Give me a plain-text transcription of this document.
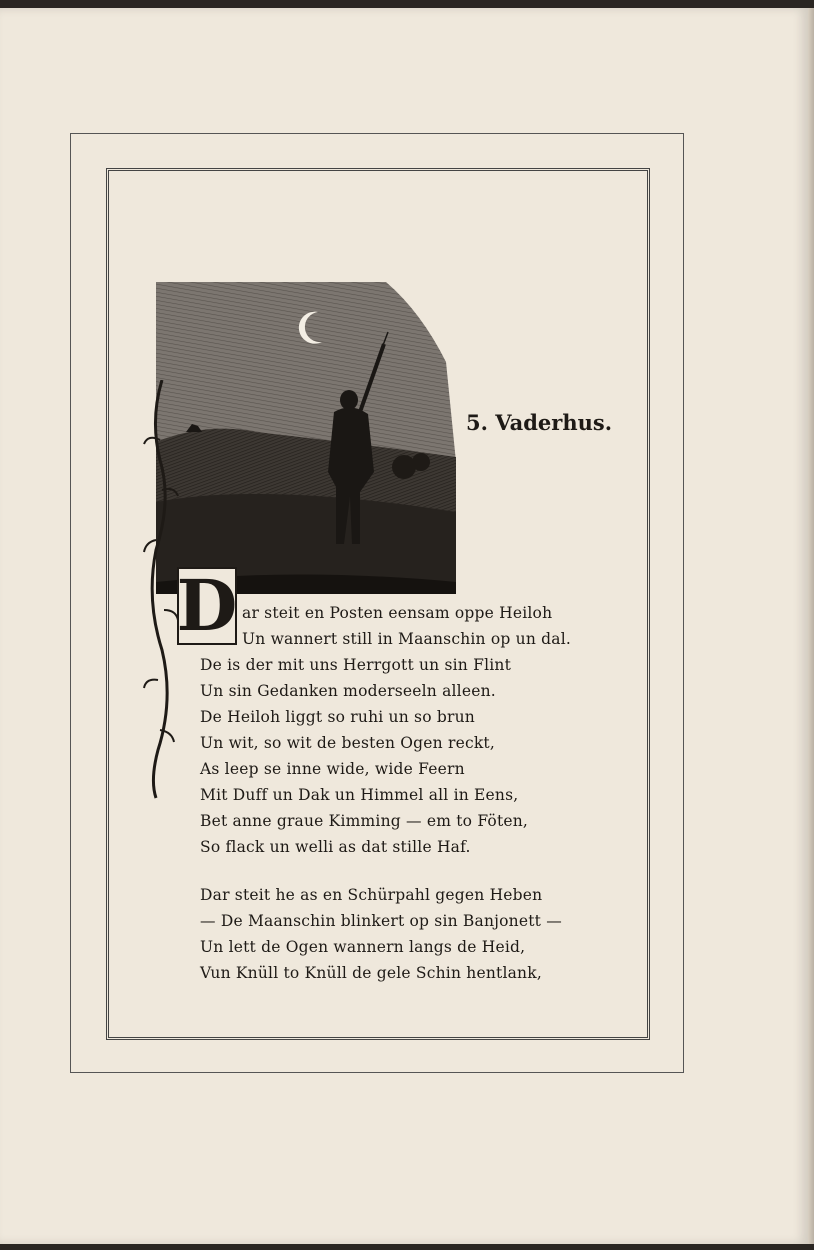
5. Vaderhus.
D ar steit en Posten eensam oppe Heiloh
Un wannert still in Maanschin op un dal.
De is der mit uns Herrgott un sin Flint
Un sin Gedanken moderseeln alleen.
De Heiloh liggt so ruhi un so brun
Un wit, so wit de besten Ogen reckt,
As leep se inne wide, wide Feern
Mit Duff un Dak un Himmel all in Eens,
Bet anne graue Kimming — em to Föten,
So flack un welli as dat stille Haf.
Dar steit he as en Schürpahl gegen Heben
— De Maanschin blinkert op sin Banjonett —
Un lett de Ogen wannern langs de Heid,
Vun Knüll to Knüll de gele Schin hentlank,
